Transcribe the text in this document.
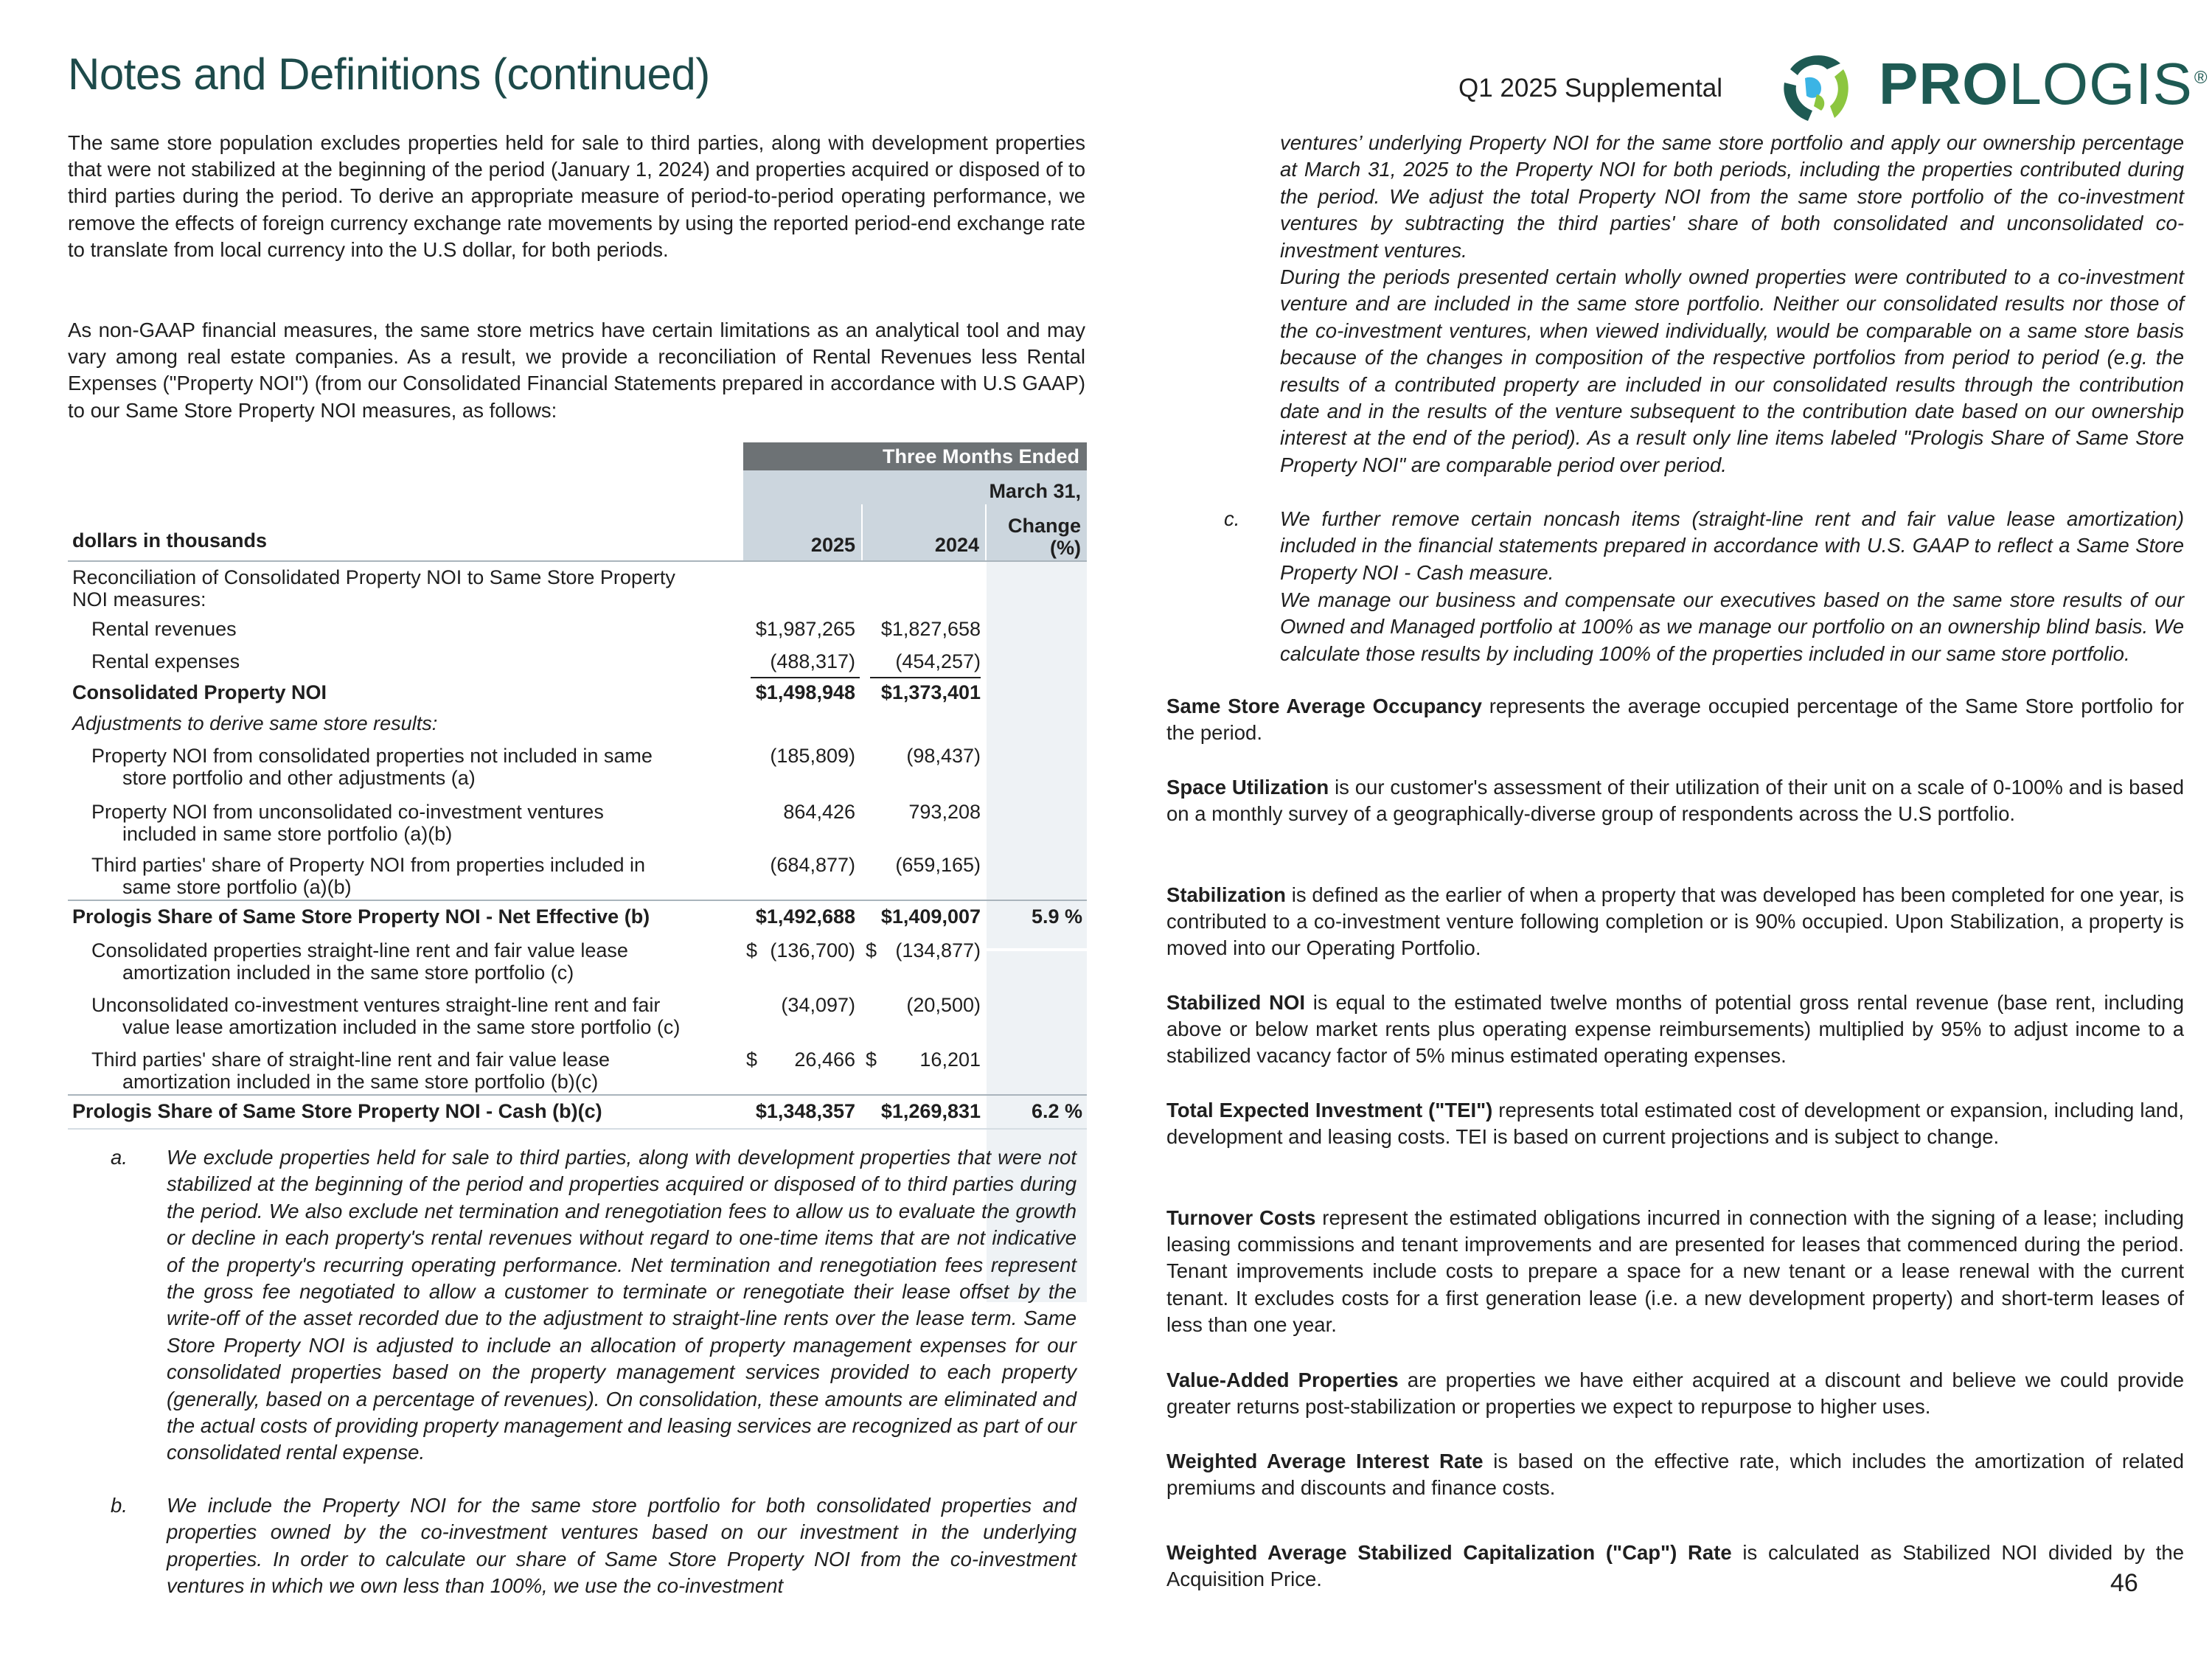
Notes and Definitions (continued)	Q1 2025 Supplemental	PROLOGIS®
The same store population excludes properties held for sale to third parties, along with development properties that were not stabilized at the beginning of the period (January 1, 2024) and properties acquired or disposed of to third parties during the period. To derive an appropriate measure of period-to-period operating performance, we remove the effects of foreign currency exchange rate movements by using the reported period-end exchange rate to translate from local currency into the U.S dollar, for both periods.
As non-GAAP financial measures, the same store metrics have certain limitations as an analytical tool and may vary among real estate companies. As a result, we provide a reconciliation of Rental Revenues less Rental Expenses ("Property NOI") (from our Consolidated Financial Statements prepared in accordance with U.S GAAP) to our Same Store Property NOI measures, as follows:
Three Months Ended
March 31,
2025	2024
Change
(%)
dollars in thousands
Reconciliation of Consolidated Property NOI to Same Store Property
NOI measures:
Rental revenues	$1,987,265	$1,827,658
Rental expenses	(488,317)	(454,257)
Consolidated Property NOI	$1,498,948	$1,373,401
Adjustments to derive same store results:
Property NOI from consolidated properties not included in same
store portfolio and other adjustments (a)
(185,809)	(98,437)
Property NOI from unconsolidated co-investment ventures
included in same store portfolio (a)(b)
864,426	793,208
Third parties' share of Property NOI from properties included in
same store portfolio (a)(b)
(684,877)	(659,165)
Prologis Share of Same Store Property NOI - Net Effective (b)	$1,492,688	$1,409,007	5.9 %
Consolidated properties straight-line rent and fair value lease
amortization included in the same store portfolio (c)
$ (136,700) $ (134,877)
Unconsolidated co-investment ventures straight-line rent and fair
value lease amortization included in the same store portfolio (c)
(34,097)	(20,500)
Third parties' share of straight-line rent and fair value lease
amortization included in the same store portfolio (b)(c)
$ 26,466 $ 16,201
Prologis Share of Same Store Property NOI - Cash (b)(c)	$1,348,357	$1,269,831	6.2 %
a. We exclude properties held for sale to third parties, along with development properties that were not stabilized at the beginning of the period and properties acquired or disposed of to third parties during the period. We also exclude net termination and renegotiation fees to allow us to evaluate the growth or decline in each property's rental revenues without regard to one-time items that are not indicative of the property's recurring operating performance. Net termination and renegotiation fees represent the gross fee negotiated to allow a customer to terminate or renegotiate their lease offset by the write-off of the asset recorded due to the adjustment to straight-line rents over the lease term. Same Store Property NOI is adjusted to include an allocation of property management expenses for our consolidated properties based on the property management services provided to each property (generally, based on a percentage of revenues). On consolidation, these amounts are eliminated and the actual costs of providing property management and leasing services are recognized as part of our consolidated rental expense.
b. We include the Property NOI for the same store portfolio for both consolidated properties and properties owned by the co-investment ventures based on our investment in the underlying properties. In order to calculate our share of Same Store Property NOI from the co-investment ventures in which we own less than 100%, we use the co-investment
ventures’ underlying Property NOI for the same store portfolio and apply our ownership percentage at March 31, 2025 to the Property NOI for both periods, including the properties contributed during the period. We adjust the total Property NOI from the same store portfolio of the co-investment ventures by subtracting the third parties' share of both consolidated and unconsolidated co-investment ventures.
During the periods presented certain wholly owned properties were contributed to a co-investment venture and are included in the same store portfolio. Neither our consolidated results nor those of the co-investment ventures, when viewed individually, would be comparable on a same store basis because of the changes in composition of the respective portfolios from period to period (e.g. the results of a contributed property are included in our consolidated results through the contribution date and in the results of the venture subsequent to the contribution date based on our ownership interest at the end of the period). As a result only line items labeled "Prologis Share of Same Store Property NOI" are comparable period over period.
c. We further remove certain noncash items (straight-line rent and fair value lease amortization) included in the financial statements prepared in accordance with U.S. GAAP to reflect a Same Store Property NOI - Cash measure.
We manage our business and compensate our executives based on the same store results of our Owned and Managed portfolio at 100% as we manage our portfolio on an ownership blind basis. We calculate those results by including 100% of the properties included in our same store portfolio.
Same Store Average Occupancy represents the average occupied percentage of the Same Store portfolio for the period.
Space Utilization is our customer's assessment of their utilization of their unit on a scale of 0-100% and is based on a monthly survey of a geographically-diverse group of respondents across the U.S portfolio.
Stabilization is defined as the earlier of when a property that was developed has been completed for one year, is contributed to a co-investment venture following completion or is 90% occupied. Upon Stabilization, a property is moved into our Operating Portfolio.
Stabilized NOI is equal to the estimated twelve months of potential gross rental revenue (base rent, including above or below market rents plus operating expense reimbursements) multiplied by 95% to adjust income to a stabilized vacancy factor of 5% minus estimated operating expenses.
Total Expected Investment ("TEI") represents total estimated cost of development or expansion, including land, development and leasing costs. TEI is based on current projections and is subject to change.
Turnover Costs represent the estimated obligations incurred in connection with the signing of a lease; including leasing commissions and tenant improvements and are presented for leases that commenced during the period. Tenant improvements include costs to prepare a space for a new tenant or a lease renewal with the current tenant. It excludes costs for a first generation lease (i.e. a new development property) and short-term leases of less than one year.
Value-Added Properties are properties we have either acquired at a discount and believe we could provide greater returns post-stabilization or properties we expect to repurpose to higher uses.
Weighted Average Interest Rate is based on the effective rate, which includes the amortization of related premiums and discounts and finance costs.
Weighted Average Stabilized Capitalization ("Cap") Rate is calculated as Stabilized NOI divided by the Acquisition Price.	46
